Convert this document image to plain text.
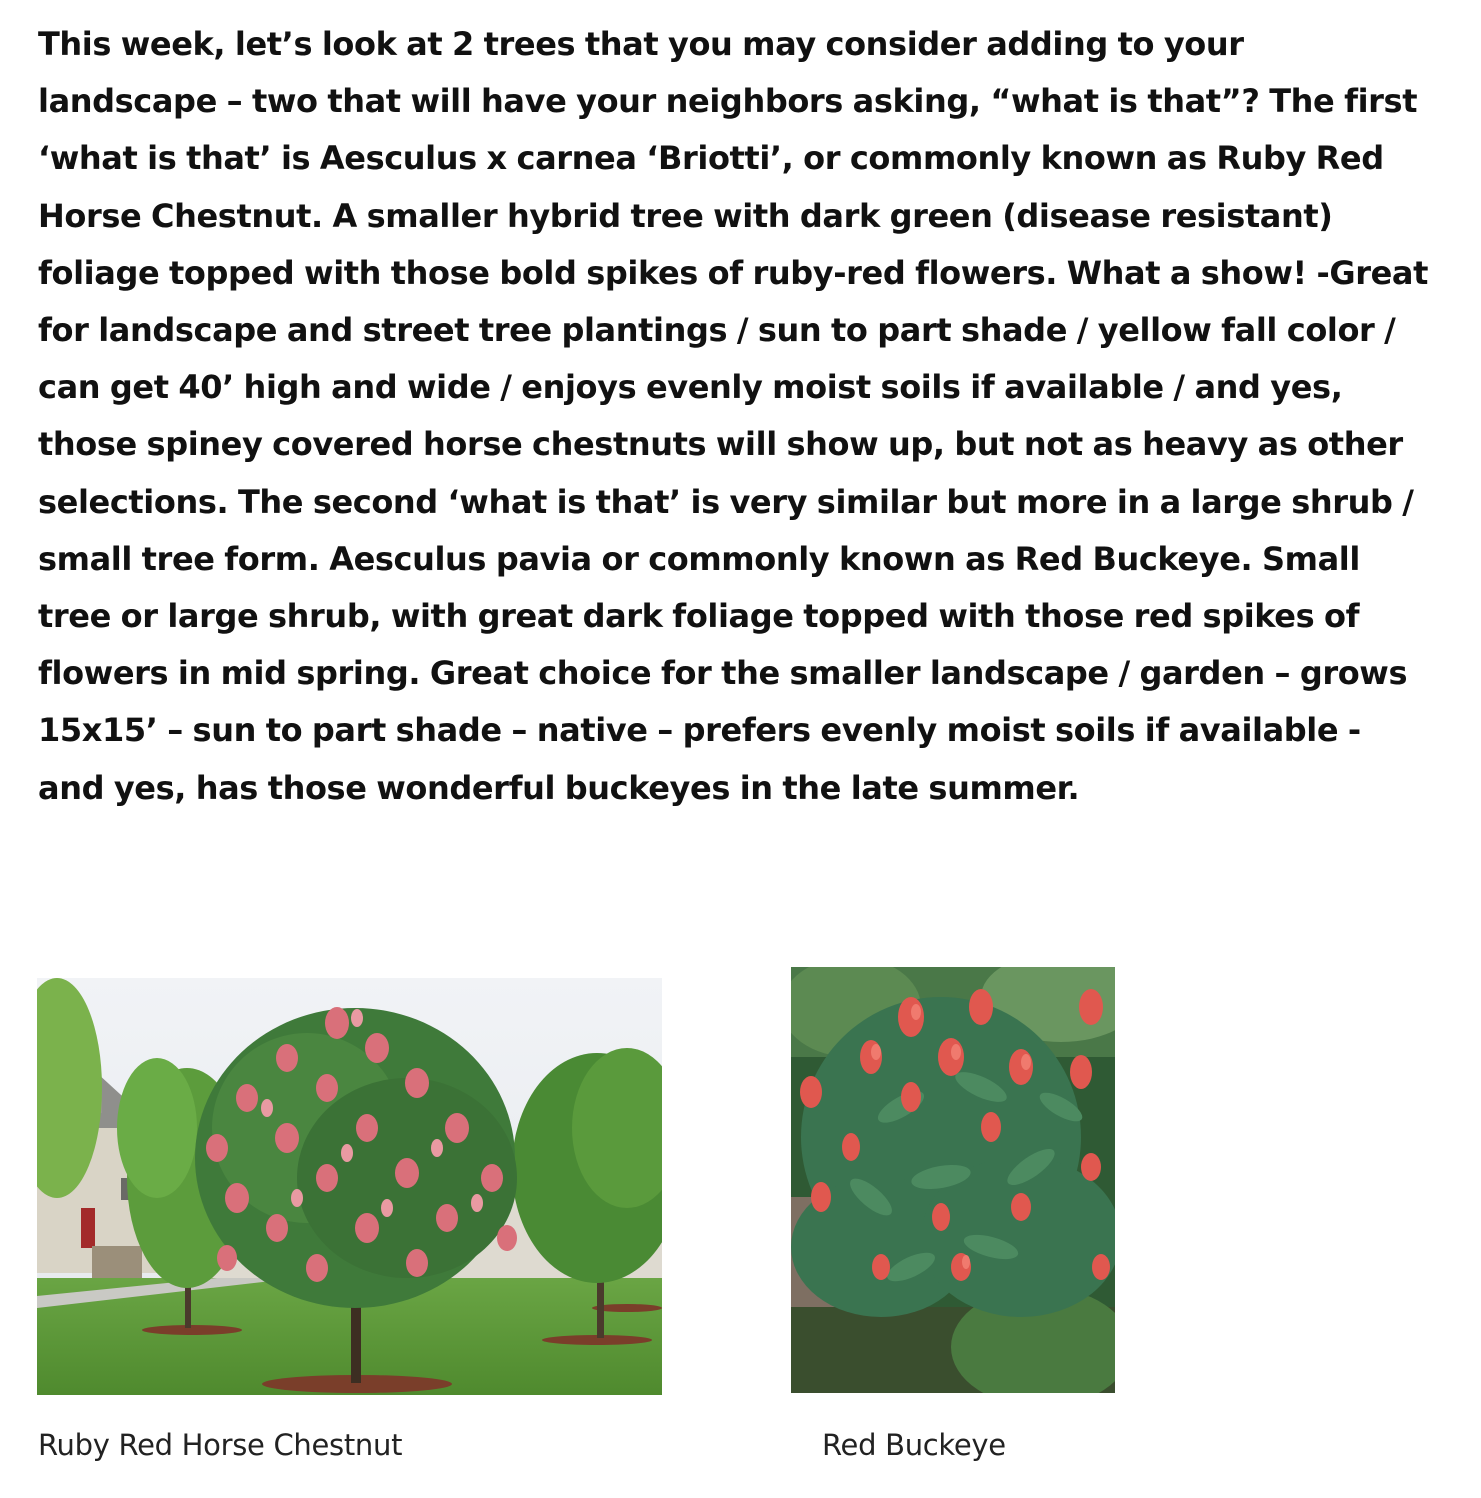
This week, let’s look at 2 trees that you may consider adding to your landscape – two that will have your neighbors asking, “what is that”? The first ‘what is that’ is Aesculus x carnea ‘Briotti’, or commonly known as Ruby Red Horse Chestnut. A smaller hybrid tree with dark green (disease resistant) foliage topped with those bold spikes of ruby-red flowers. What a show! -Great for landscape and street tree plantings / sun to part shade / yellow fall color / can get 40’ high and wide / enjoys evenly moist soils if available / and yes, those spiney covered horse chestnuts will show up, but not as heavy as other selections. The second ‘what is that’ is very similar but more in a large shrub / small tree form. Aesculus pavia or commonly known as Red Buckeye. Small tree or large shrub, with great dark foliage topped with those red spikes of flowers in mid spring. Great choice for the smaller landscape / garden – grows 15x15’ – sun to part shade – native – prefers evenly moist soils if available - and yes, has those wonderful buckeyes in the late summer.

Ruby Red Horse Chestnut	Red Buckeye
